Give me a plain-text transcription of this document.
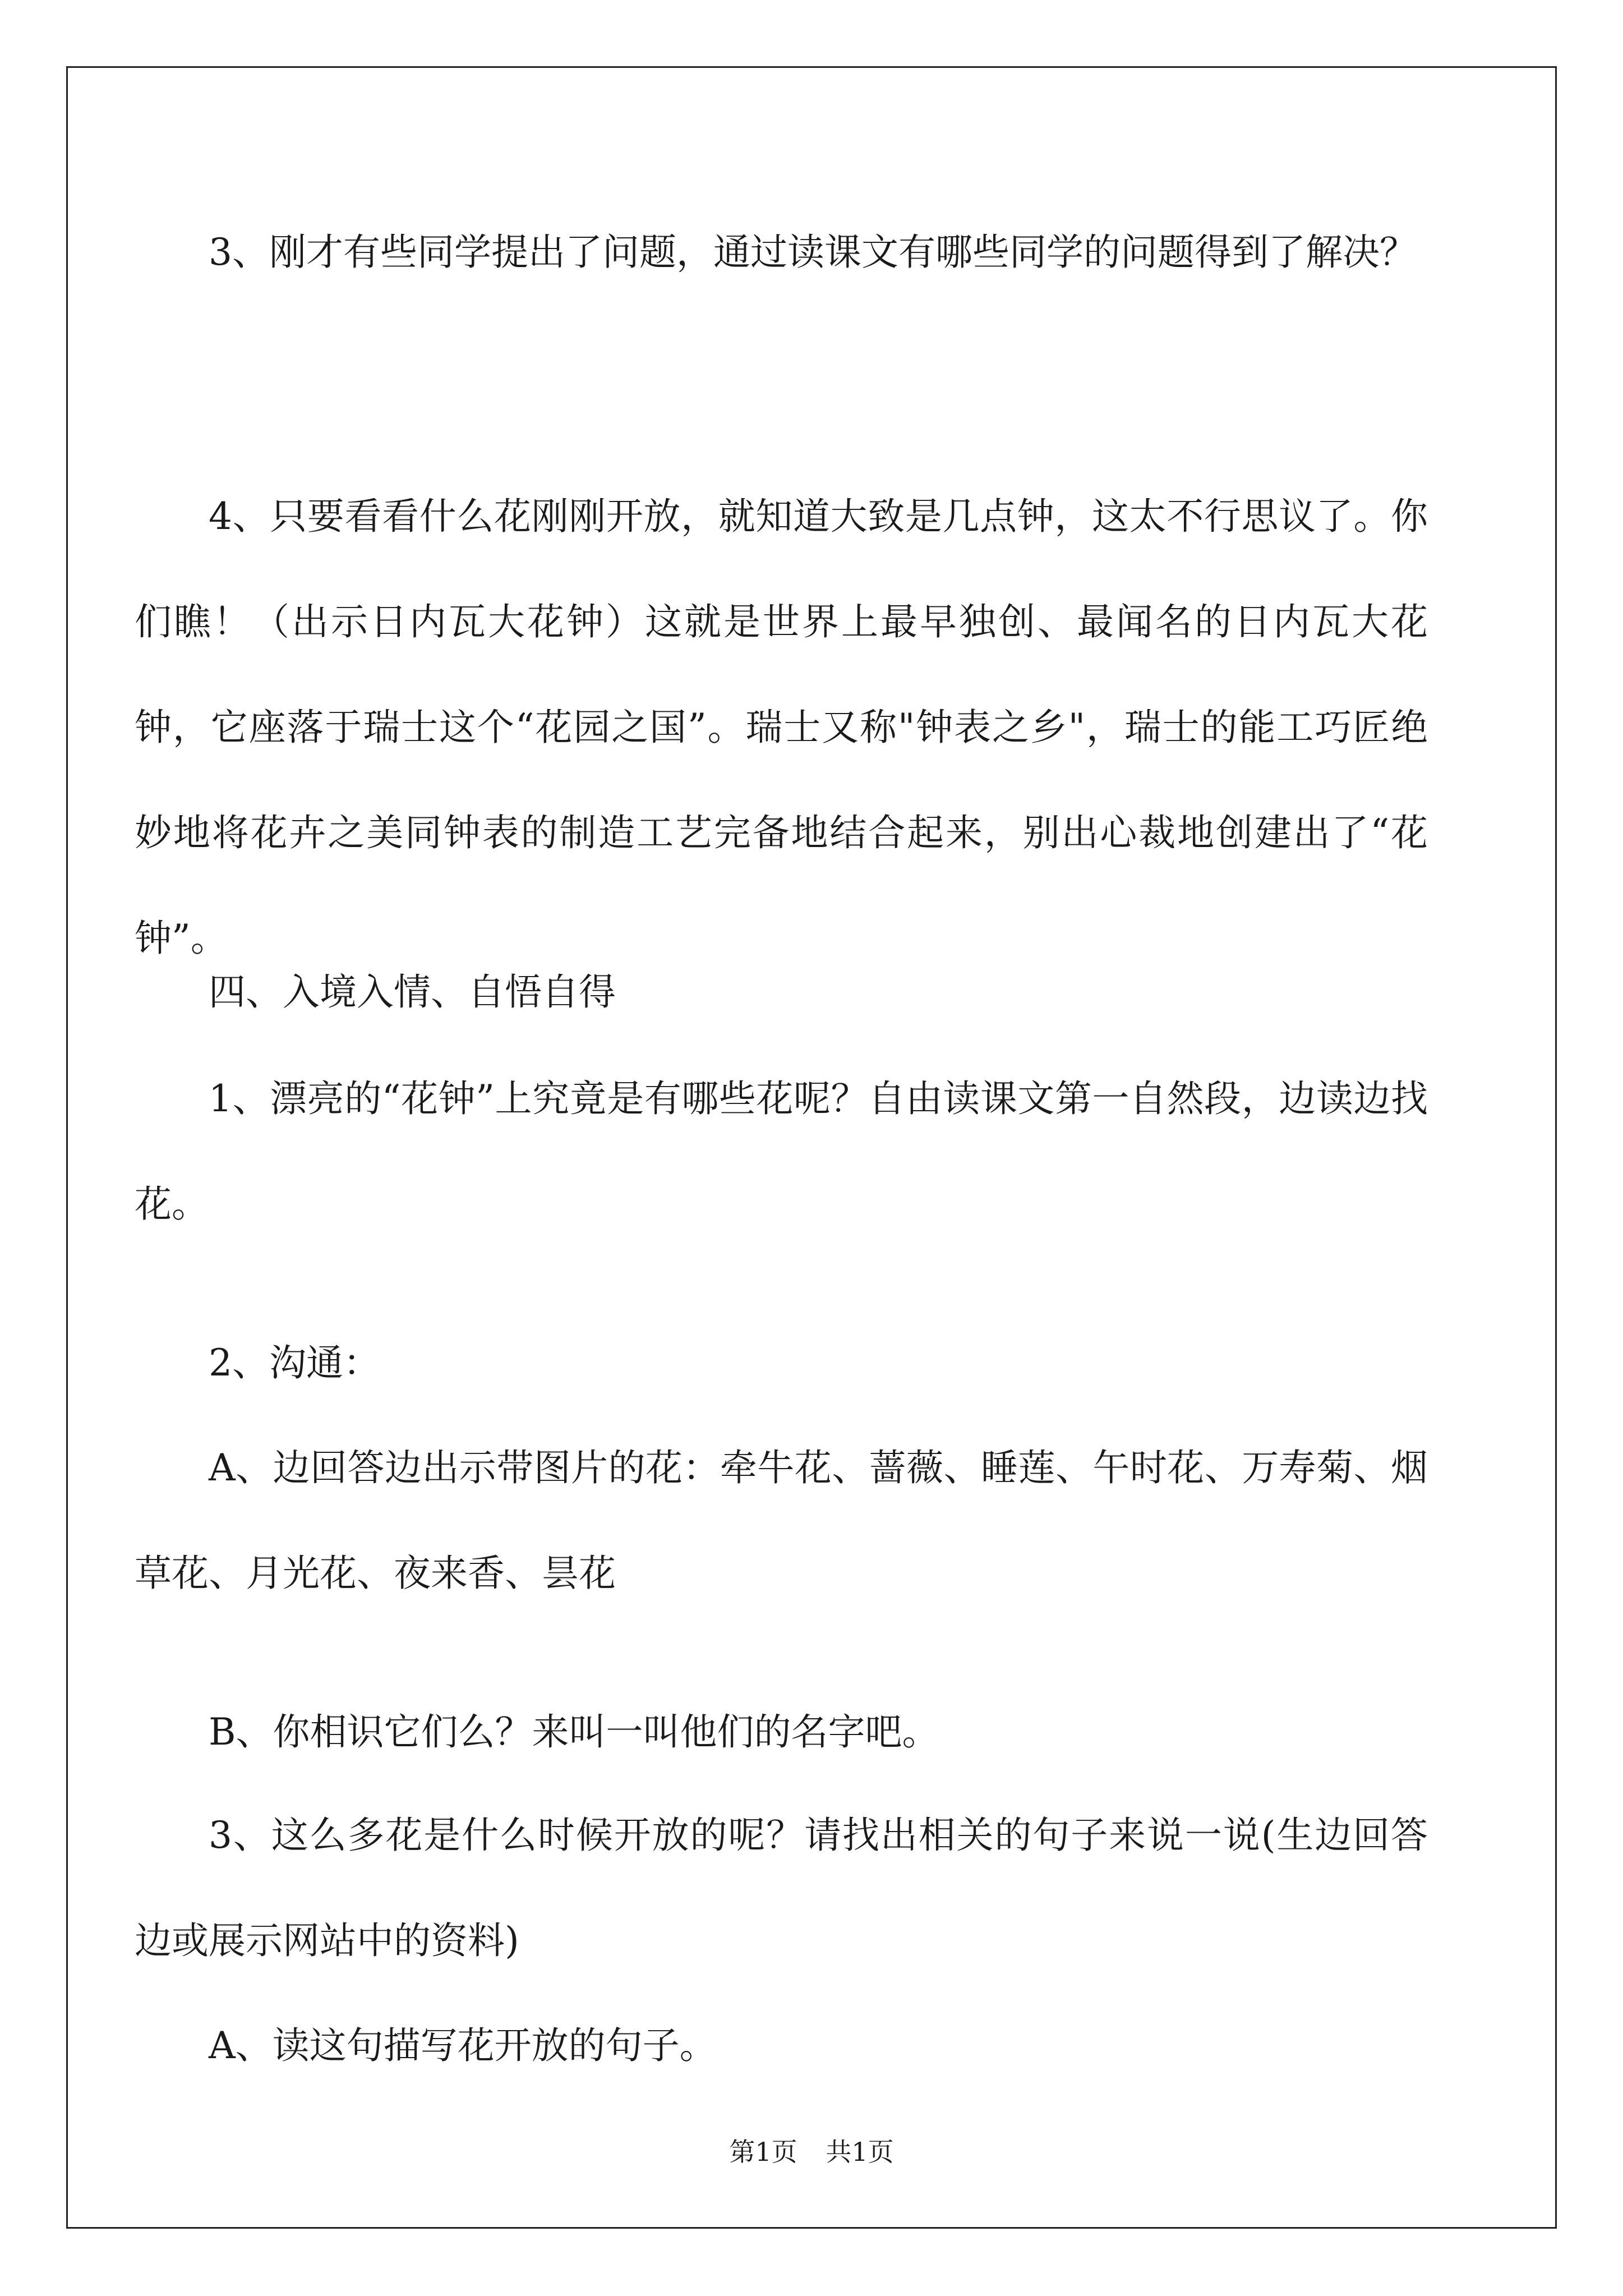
3、刚才有些同学提出了问题，通过读课文有哪些同学的问题得到了解决？

4、只要看看什么花刚刚开放，就知道大致是几点钟，这太不行思议了。你们瞧！（出示日内瓦大花钟）这就是世界上最早独创、最闻名的日内瓦大花钟，它座落于瑞士这个“花园之国”。瑞士又称"钟表之乡"，瑞士的能工巧匠绝妙地将花卉之美同钟表的制造工艺完备地结合起来，别出心裁地创建出了“花钟”。

四、入境入情、自悟自得

1、漂亮的“花钟”上究竟是有哪些花呢？自由读课文第一自然段，边读边找花。

2、沟通：

A、边回答边出示带图片的花：牵牛花、蔷薇、睡莲、午时花、万寿菊、烟草花、月光花、夜来香、昙花

B、你相识它们么？来叫一叫他们的名字吧。

3、这么多花是什么时候开放的呢？请找出相关的句子来说一说(生边回答边或展示网站中的资料)

A、读这句描写花开放的句子。

第1页 共1页
